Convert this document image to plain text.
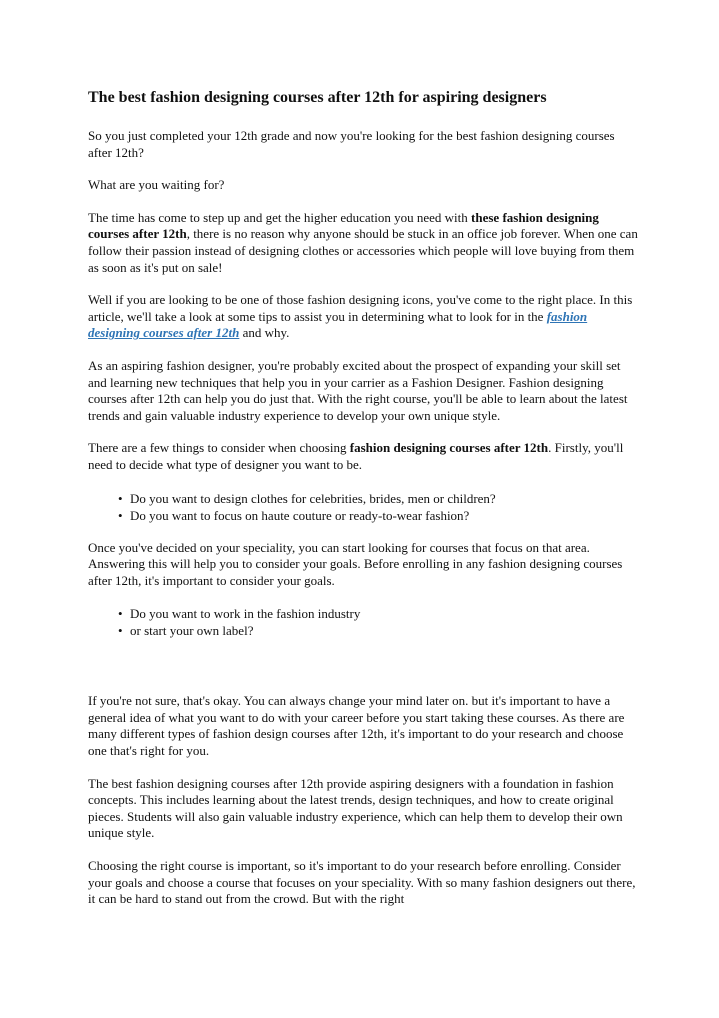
The best fashion designing courses after 12th for aspiring designers

So you just completed your 12th grade and now you're looking for the best fashion designing courses after 12th?

What are you waiting for?

The time has come to step up and get the higher education you need with these fashion designing courses after 12th, there is no reason why anyone should be stuck in an office job forever. When one can follow their passion instead of designing clothes or accessories which people will love buying from them as soon as it's put on sale!

Well if you are looking to be one of those fashion designing icons, you've come to the right place. In this article, we'll take a look at some tips to assist you in determining what to look for in the fashion designing courses after 12th and why.

As an aspiring fashion designer, you're probably excited about the prospect of expanding your skill set and learning new techniques that help you in your carrier as a Fashion Designer. Fashion designing courses after 12th can help you do just that. With the right course, you'll be able to learn about the latest trends and gain valuable industry experience to develop your own unique style.

There are a few things to consider when choosing fashion designing courses after 12th. Firstly, you'll need to decide what type of designer you want to be.

• Do you want to design clothes for celebrities, brides, men or children?
• Do you want to focus on haute couture or ready-to-wear fashion?

Once you've decided on your speciality, you can start looking for courses that focus on that area. Answering this will help you to consider your goals. Before enrolling in any fashion designing courses after 12th, it's important to consider your goals.

• Do you want to work in the fashion industry
• or start your own label?

If you're not sure, that's okay. You can always change your mind later on. but it's important to have a general idea of what you want to do with your career before you start taking these courses. As there are many different types of fashion design courses after 12th, it's important to do your research and choose one that's right for you.

The best fashion designing courses after 12th provide aspiring designers with a foundation in fashion concepts. This includes learning about the latest trends, design techniques, and how to create original pieces. Students will also gain valuable industry experience, which can help them to develop their own unique style.

Choosing the right course is important, so it's important to do your research before enrolling. Consider your goals and choose a course that focuses on your speciality. With so many fashion designers out there, it can be hard to stand out from the crowd. But with the right
